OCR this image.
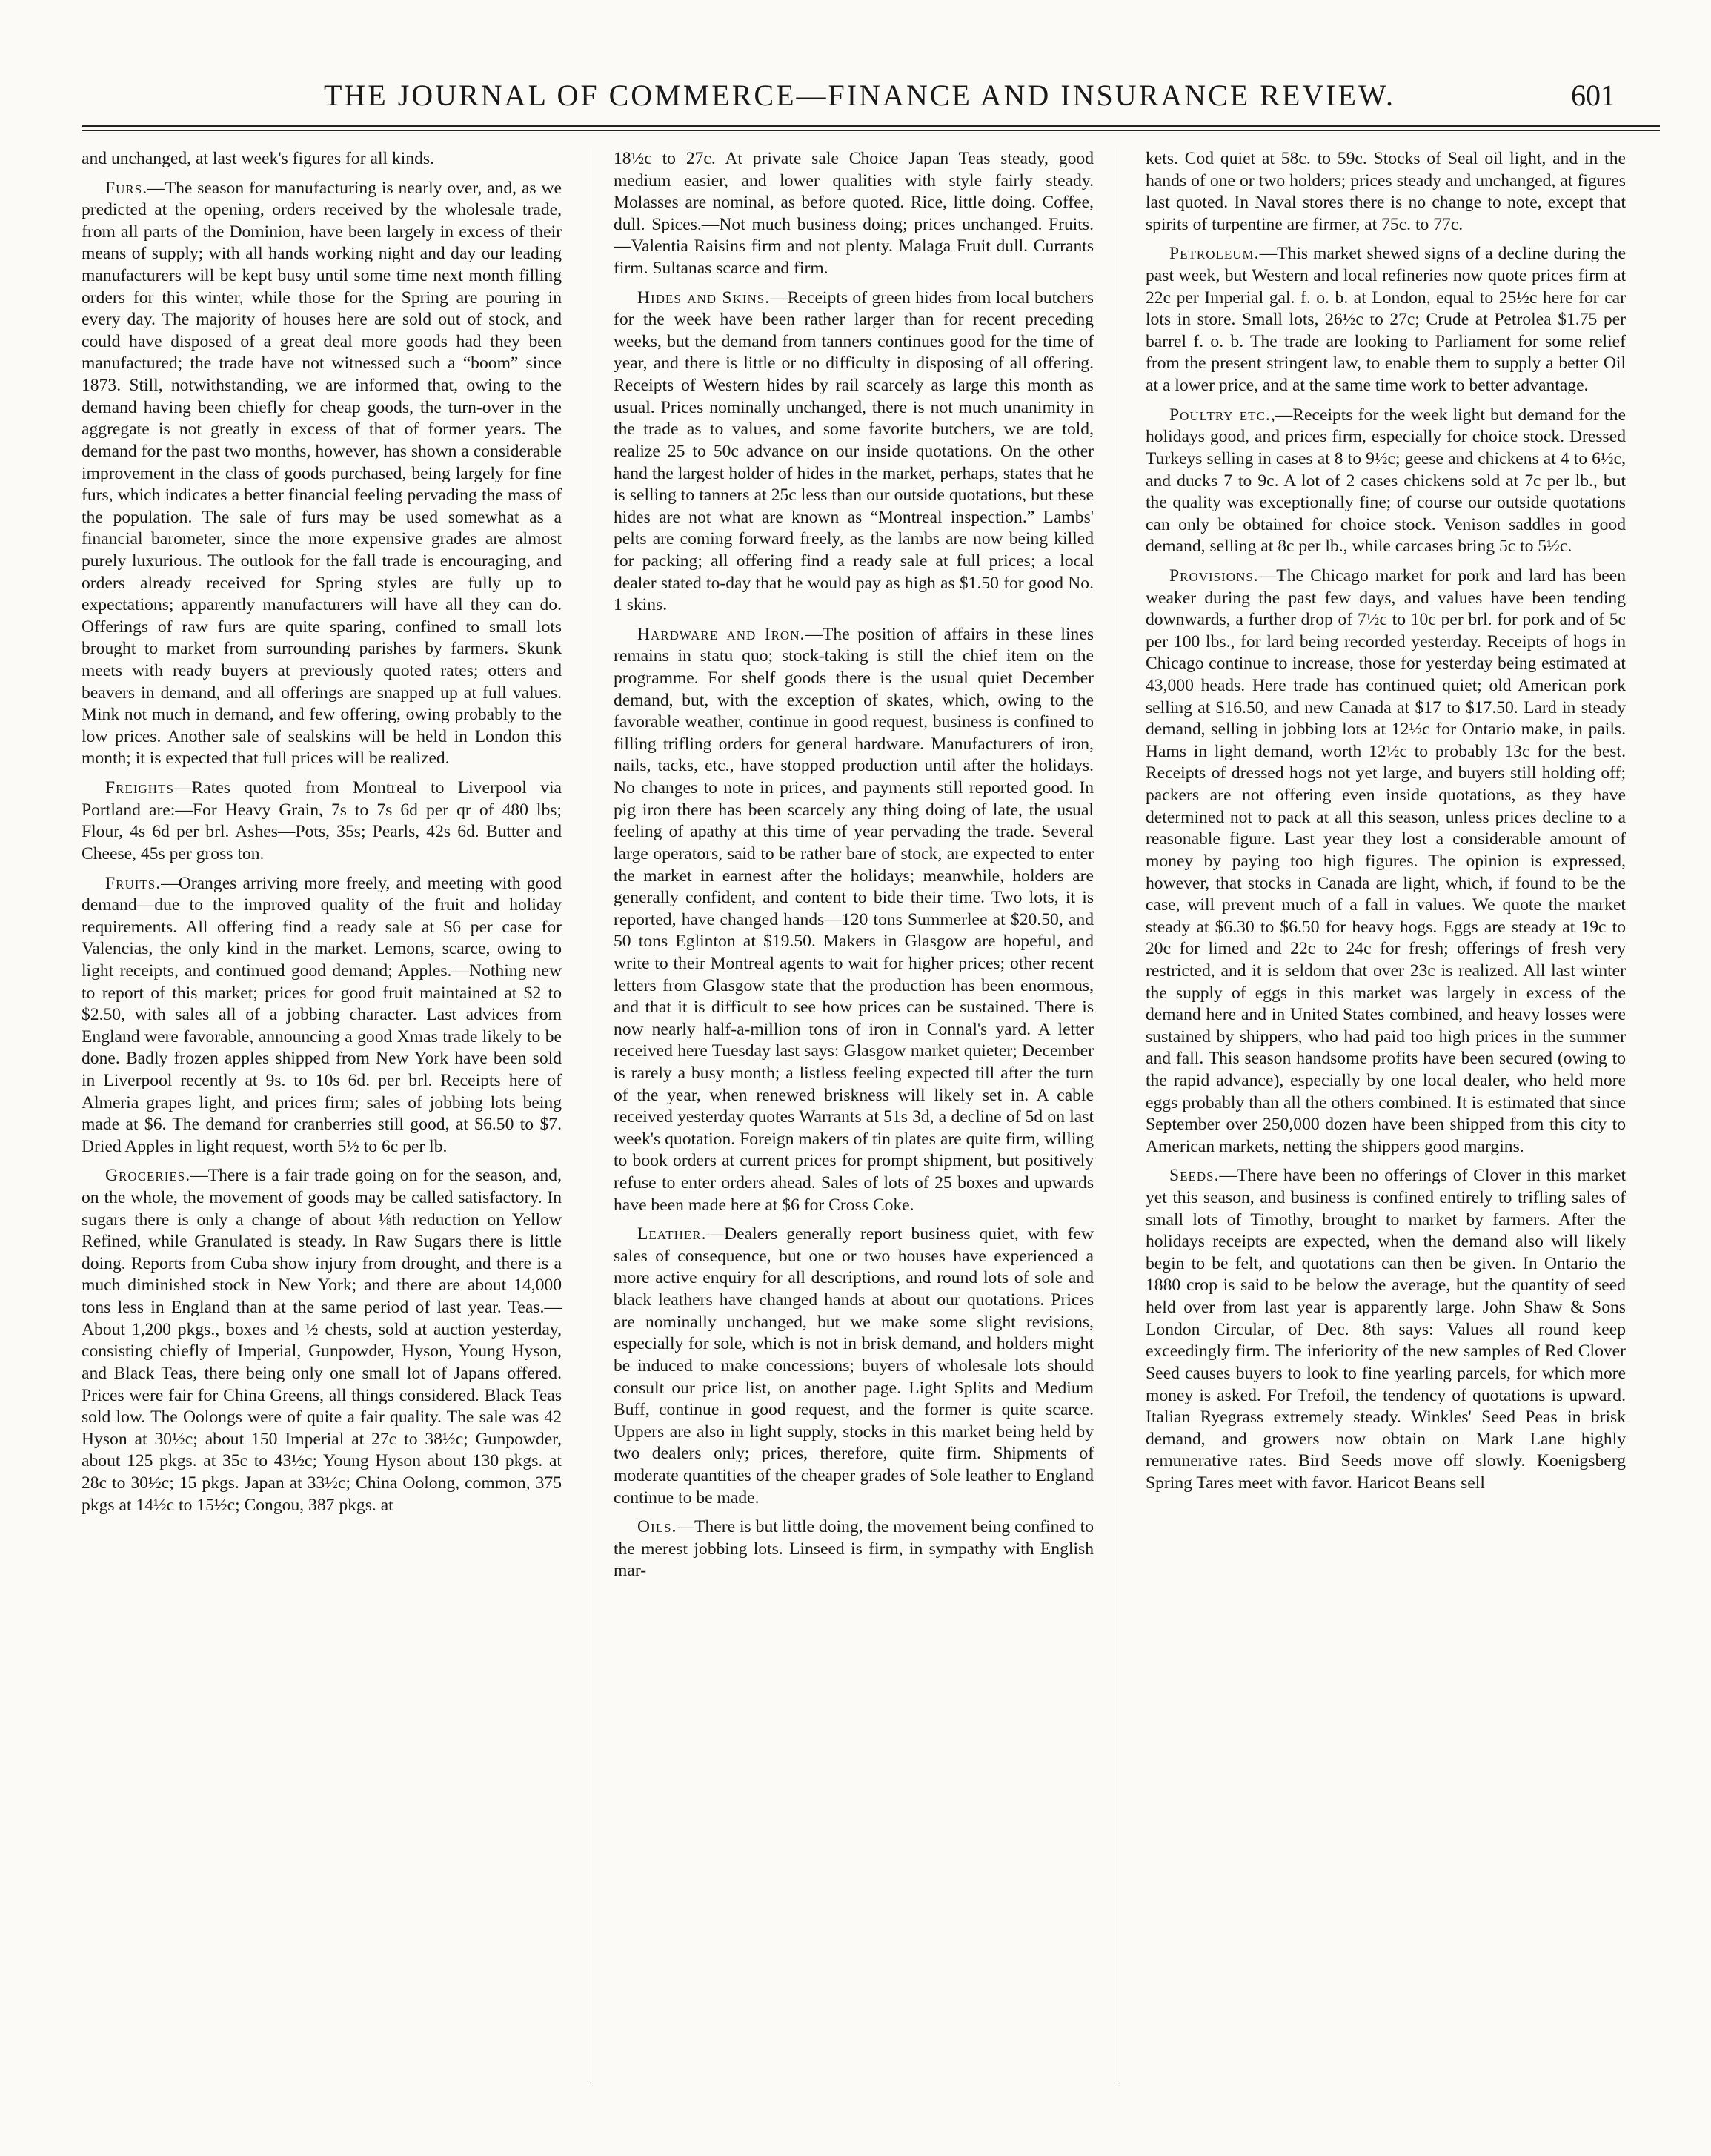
THE JOURNAL OF COMMERCE—FINANCE AND INSURANCE REVIEW.	601

and unchanged, at last week's figures for all kinds.

Furs.—The season for manufacturing is nearly over, and, as we predicted at the opening, orders received by the wholesale trade, from all parts of the Dominion, have been largely in excess of their means of supply; with all hands working night and day our leading manufacturers will be kept busy until some time next month filling orders for this winter, while those for the Spring are pouring in every day. The majority of houses here are sold out of stock, and could have disposed of a great deal more goods had they been manufactured; the trade have not witnessed such a “boom” since 1873. Still, notwithstanding, we are informed that, owing to the demand having been chiefly for cheap goods, the turn-over in the aggregate is not greatly in excess of that of former years. The demand for the past two months, however, has shown a considerable improvement in the class of goods purchased, being largely for fine furs, which indicates a better financial feeling pervading the mass of the population. The sale of furs may be used somewhat as a financial barometer, since the more expensive grades are almost purely luxurious. The outlook for the fall trade is encouraging, and orders already received for Spring styles are fully up to expectations; apparently manufacturers will have all they can do. Offerings of raw furs are quite sparing, confined to small lots brought to market from surrounding parishes by farmers. Skunk meets with ready buyers at previously quoted rates; otters and beavers in demand, and all offerings are snapped up at full values. Mink not much in demand, and few offering, owing probably to the low prices. Another sale of sealskins will be held in London this month; it is expected that full prices will be realized.

Freights—Rates quoted from Montreal to Liverpool via Portland are:—For Heavy Grain, 7s to 7s 6d per qr of 480 lbs; Flour, 4s 6d per brl. Ashes—Pots, 35s; Pearls, 42s 6d. Butter and Cheese, 45s per gross ton.

Fruits.—Oranges arriving more freely, and meeting with good demand—due to the improved quality of the fruit and holiday requirements. All offering find a ready sale at $6 per case for Valencias, the only kind in the market. Lemons, scarce, owing to light receipts, and continued good demand; Apples.—Nothing new to report of this market; prices for good fruit maintained at $2 to $2.50, with sales all of a jobbing character. Last advices from England were favorable, announcing a good Xmas trade likely to be done. Badly frozen apples shipped from New York have been sold in Liverpool recently at 9s. to 10s 6d. per brl. Receipts here of Almeria grapes light, and prices firm; sales of jobbing lots being made at $6. The demand for cranberries still good, at $6.50 to $7. Dried Apples in light request, worth 5½ to 6c per lb.

Groceries.—There is a fair trade going on for the season, and, on the whole, the movement of goods may be called satisfactory. In sugars there is only a change of about ⅛th reduction on Yellow Refined, while Granulated is steady. In Raw Sugars there is little doing. Reports from Cuba show injury from drought, and there is a much diminished stock in New York; and there are about 14,000 tons less in England than at the same period of last year. Teas.—About 1,200 pkgs., boxes and ½ chests, sold at auction yesterday, consisting chiefly of Imperial, Gunpowder, Hyson, Young Hyson, and Black Teas, there being only one small lot of Japans offered. Prices were fair for China Greens, all things considered. Black Teas sold low. The Oolongs were of quite a fair quality. The sale was 42 Hyson at 30½c; about 150 Imperial at 27c to 38½c; Gunpowder, about 125 pkgs. at 35c to 43½c; Young Hyson about 130 pkgs. at 28c to 30½c; 15 pkgs. Japan at 33½c; China Oolong, common, 375 pkgs at 14½c to 15½c; Congou, 387 pkgs. at

18½c to 27c. At private sale Choice Japan Teas steady, good medium easier, and lower qualities with style fairly steady. Molasses are nominal, as before quoted. Rice, little doing. Coffee, dull. Spices.—Not much business doing; prices unchanged. Fruits.—Valentia Raisins firm and not plenty. Malaga Fruit dull. Currants firm. Sultanas scarce and firm.

Hides and Skins.—Receipts of green hides from local butchers for the week have been rather larger than for recent preceding weeks, but the demand from tanners continues good for the time of year, and there is little or no difficulty in disposing of all offering. Receipts of Western hides by rail scarcely as large this month as usual. Prices nominally unchanged, there is not much unanimity in the trade as to values, and some favorite butchers, we are told, realize 25 to 50c advance on our inside quotations. On the other hand the largest holder of hides in the market, perhaps, states that he is selling to tanners at 25c less than our outside quotations, but these hides are not what are known as “Montreal inspection.” Lambs' pelts are coming forward freely, as the lambs are now being killed for packing; all offering find a ready sale at full prices; a local dealer stated to-day that he would pay as high as $1.50 for good No. 1 skins.

Hardware and Iron.—The position of affairs in these lines remains in statu quo; stock-taking is still the chief item on the programme. For shelf goods there is the usual quiet December demand, but, with the exception of skates, which, owing to the favorable weather, continue in good request, business is confined to filling trifling orders for general hardware. Manufacturers of iron, nails, tacks, etc., have stopped production until after the holidays. No changes to note in prices, and payments still reported good. In pig iron there has been scarcely any thing doing of late, the usual feeling of apathy at this time of year pervading the trade. Several large operators, said to be rather bare of stock, are expected to enter the market in earnest after the holidays; meanwhile, holders are generally confident, and content to bide their time. Two lots, it is reported, have changed hands—120 tons Summerlee at $20.50, and 50 tons Eglinton at $19.50. Makers in Glasgow are hopeful, and write to their Montreal agents to wait for higher prices; other recent letters from Glasgow state that the production has been enormous, and that it is difficult to see how prices can be sustained. There is now nearly half-a-million tons of iron in Connal's yard. A letter received here Tuesday last says: Glasgow market quieter; December is rarely a busy month; a listless feeling expected till after the turn of the year, when renewed briskness will likely set in. A cable received yesterday quotes Warrants at 51s 3d, a decline of 5d on last week's quotation. Foreign makers of tin plates are quite firm, willing to book orders at current prices for prompt shipment, but positively refuse to enter orders ahead. Sales of lots of 25 boxes and upwards have been made here at $6 for Cross Coke.

Leather.—Dealers generally report business quiet, with few sales of consequence, but one or two houses have experienced a more active enquiry for all descriptions, and round lots of sole and black leathers have changed hands at about our quotations. Prices are nominally unchanged, but we make some slight revisions, especially for sole, which is not in brisk demand, and holders might be induced to make concessions; buyers of wholesale lots should consult our price list, on another page. Light Splits and Medium Buff, continue in good request, and the former is quite scarce. Uppers are also in light supply, stocks in this market being held by two dealers only; prices, therefore, quite firm. Shipments of moderate quantities of the cheaper grades of Sole leather to England continue to be made.

Oils.—There is but little doing, the movement being confined to the merest jobbing lots. Linseed is firm, in sympathy with English mar-

kets. Cod quiet at 58c. to 59c. Stocks of Seal oil light, and in the hands of one or two holders; prices steady and unchanged, at figures last quoted. In Naval stores there is no change to note, except that spirits of turpentine are firmer, at 75c. to 77c.

Petroleum.—This market shewed signs of a decline during the past week, but Western and local refineries now quote prices firm at 22c per Imperial gal. f. o. b. at London, equal to 25½c here for car lots in store. Small lots, 26½c to 27c; Crude at Petrolea $1.75 per barrel f. o. b. The trade are looking to Parliament for some relief from the present stringent law, to enable them to supply a better Oil at a lower price, and at the same time work to better advantage.

Poultry etc.,—Receipts for the week light but demand for the holidays good, and prices firm, especially for choice stock. Dressed Turkeys selling in cases at 8 to 9½c; geese and chickens at 4 to 6½c, and ducks 7 to 9c. A lot of 2 cases chickens sold at 7c per lb., but the quality was exceptionally fine; of course our outside quotations can only be obtained for choice stock. Venison saddles in good demand, selling at 8c per lb., while carcases bring 5c to 5½c.

Provisions.—The Chicago market for pork and lard has been weaker during the past few days, and values have been tending downwards, a further drop of 7½c to 10c per brl. for pork and of 5c per 100 lbs., for lard being recorded yesterday. Receipts of hogs in Chicago continue to increase, those for yesterday being estimated at 43,000 heads. Here trade has continued quiet; old American pork selling at $16.50, and new Canada at $17 to $17.50. Lard in steady demand, selling in jobbing lots at 12½c for Ontario make, in pails. Hams in light demand, worth 12½c to probably 13c for the best. Receipts of dressed hogs not yet large, and buyers still holding off; packers are not offering even inside quotations, as they have determined not to pack at all this season, unless prices decline to a reasonable figure. Last year they lost a considerable amount of money by paying too high figures. The opinion is expressed, however, that stocks in Canada are light, which, if found to be the case, will prevent much of a fall in values. We quote the market steady at $6.30 to $6.50 for heavy hogs. Eggs are steady at 19c to 20c for limed and 22c to 24c for fresh; offerings of fresh very restricted, and it is seldom that over 23c is realized. All last winter the supply of eggs in this market was largely in excess of the demand here and in United States combined, and heavy losses were sustained by shippers, who had paid too high prices in the summer and fall. This season handsome profits have been secured (owing to the rapid advance), especially by one local dealer, who held more eggs probably than all the others combined. It is estimated that since September over 250,000 dozen have been shipped from this city to American markets, netting the shippers good margins.

Seeds.—There have been no offerings of Clover in this market yet this season, and business is confined entirely to trifling sales of small lots of Timothy, brought to market by farmers. After the holidays receipts are expected, when the demand also will likely begin to be felt, and quotations can then be given. In Ontario the 1880 crop is said to be below the average, but the quantity of seed held over from last year is apparently large. John Shaw & Sons London Circular, of Dec. 8th says: Values all round keep exceedingly firm. The inferiority of the new samples of Red Clover Seed causes buyers to look to fine yearling parcels, for which more money is asked. For Trefoil, the tendency of quotations is upward. Italian Ryegrass extremely steady. Winkles' Seed Peas in brisk demand, and growers now obtain on Mark Lane highly remunerative rates. Bird Seeds move off slowly. Koenigsberg Spring Tares meet with favor. Haricot Beans sell
